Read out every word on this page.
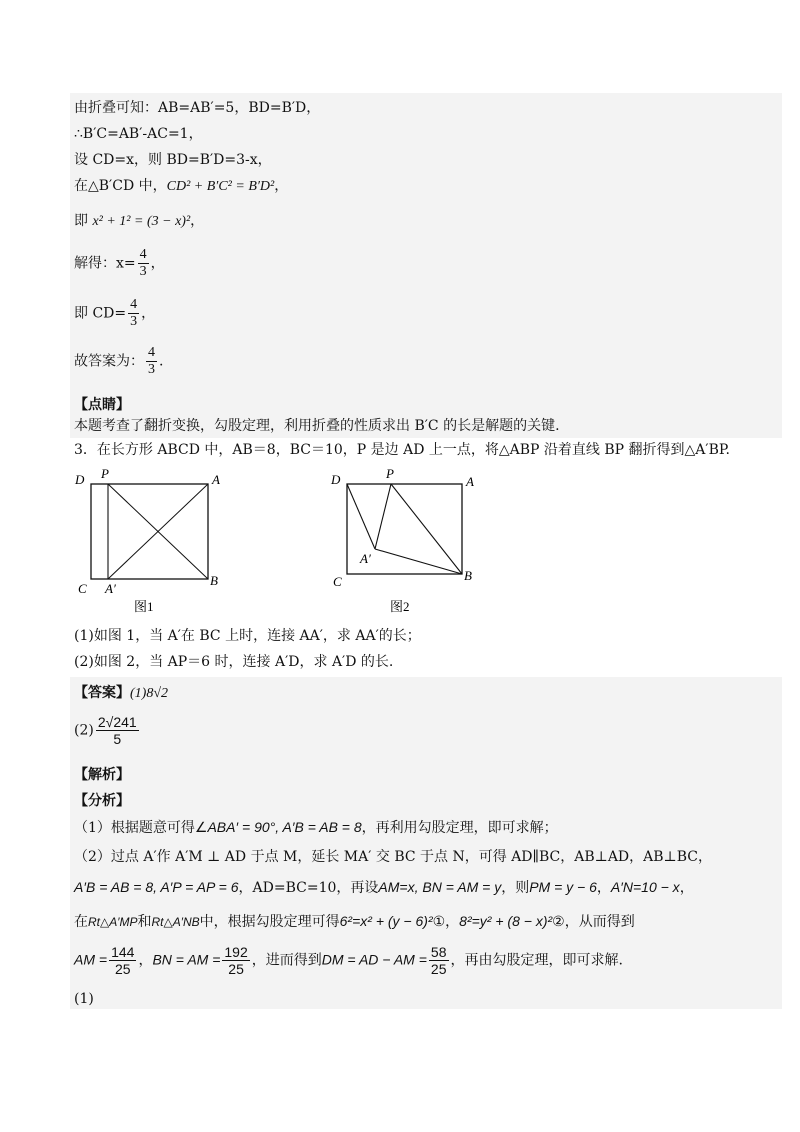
由折叠可知：AB=AB′=5，BD=B′D，
∴B′C=AB′-AC=1，
设 CD=x，则 BD=B′D=3-x，
在△B′CD 中，CD² + B′C² = B′D²，
即 x² + 1² = (3 − x)²，
解得：$x= \frac{4}{3}$ ，
即 $CD= \frac{4}{3}$ ，
故答案为： $\frac{4}{3}$ .
【点睛】
本题考查了翻折变换，勾股定理，利用折叠的性质求出 B′C 的长是解题的关键.
3．在长方形 ABCD 中，AB＝8，BC＝10，P 是边 AD 上一点，将△ABP 沿着直线 BP 翻折得到△A′BP.
D P	A
C A′
B
图1
D	P
A
A′
C	B
图2
(1)如图 1，当 A′在 BC 上时，连接 AA′，求 AA′的长；
(2)如图 2，当 AP＝6 时，连接 A′D，求 A′D 的长.
【答案】(1)8√2
$(2) \frac{2√241}{5}$
【解析】
【分析】
（1）根据题意可得∠ABA′ = 90°, A′B = AB = 8，再利用勾股定理，即可求解；
（2）过点 A′作 A′M ⊥ AD 于点 M，延长 MA′ 交 BC 于点 N，可得 AD∥BC，AB⊥AD，AB⊥BC，
A′B = AB = 8, A′P = AP = 6，AD=BC=10，再设AM=x, BN = AM = y，则PM = y − 6，A′N=10 − x，
在Rt△A′MP和Rt△A′NB中，根据勾股定理可得6²=x² + (y − 6)²①，8²=y² + (8 − x)²②，从而得到
AM = $\frac{144}{25}$ ，BN = AM = $\frac{192}{25}$ ，进而得到DM = AD − AM = $\frac{58}{25}$ ，再由勾股定理，即可求解.
(1)
